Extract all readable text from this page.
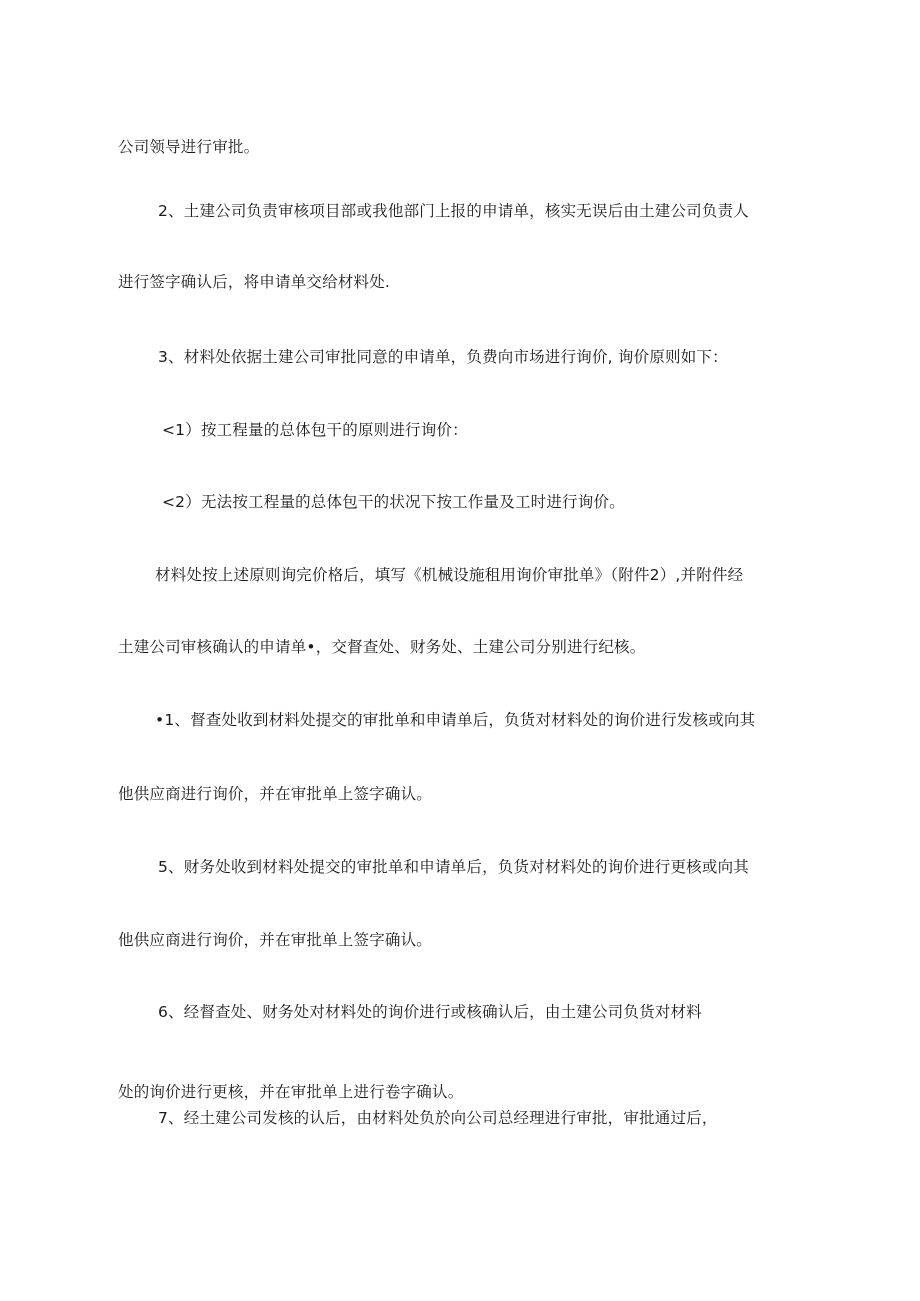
公司领导进行审批。
2、土建公司负责审核项目部或我他部门上报的申请单，核实无误后由土建公司负责人
进行签字确认后，将申请单交给材料处.
3、材料处依据土建公司审批同意的申请单，负费向市场进行询价, 询价原则如下：
<1）按工程量的总体包干的原则进行询价：
<2）无法按工程量的总体包干的状况下按工作量及工时进行询价。
材料处按上述原则询完价格后，填写《机械设施租用询价审批单》（附件2）,并附件经
土建公司审核确认的申请单•，交督查处、财务处、土建公司分别进行纪核。
•1、督查处收到材料处提交的审批单和申请单后，负货对材料处的询价进行发核或向其
他供应商进行询价，并在审批单上签字确认。
5、财务处收到材料处提交的审批单和申请单后，负货对材料处的询价进行更核或向其
他供应商进行询价，并在审批单上签字确认。
6、经督查处、财务处对材料处的询价进行或核确认后，由土建公司负货对材料
处的询价进行更核，并在审批单上进行卷字确认。
7、经土建公司发核的认后，由材料处负於向公司总经理进行审批，审批通过后，
